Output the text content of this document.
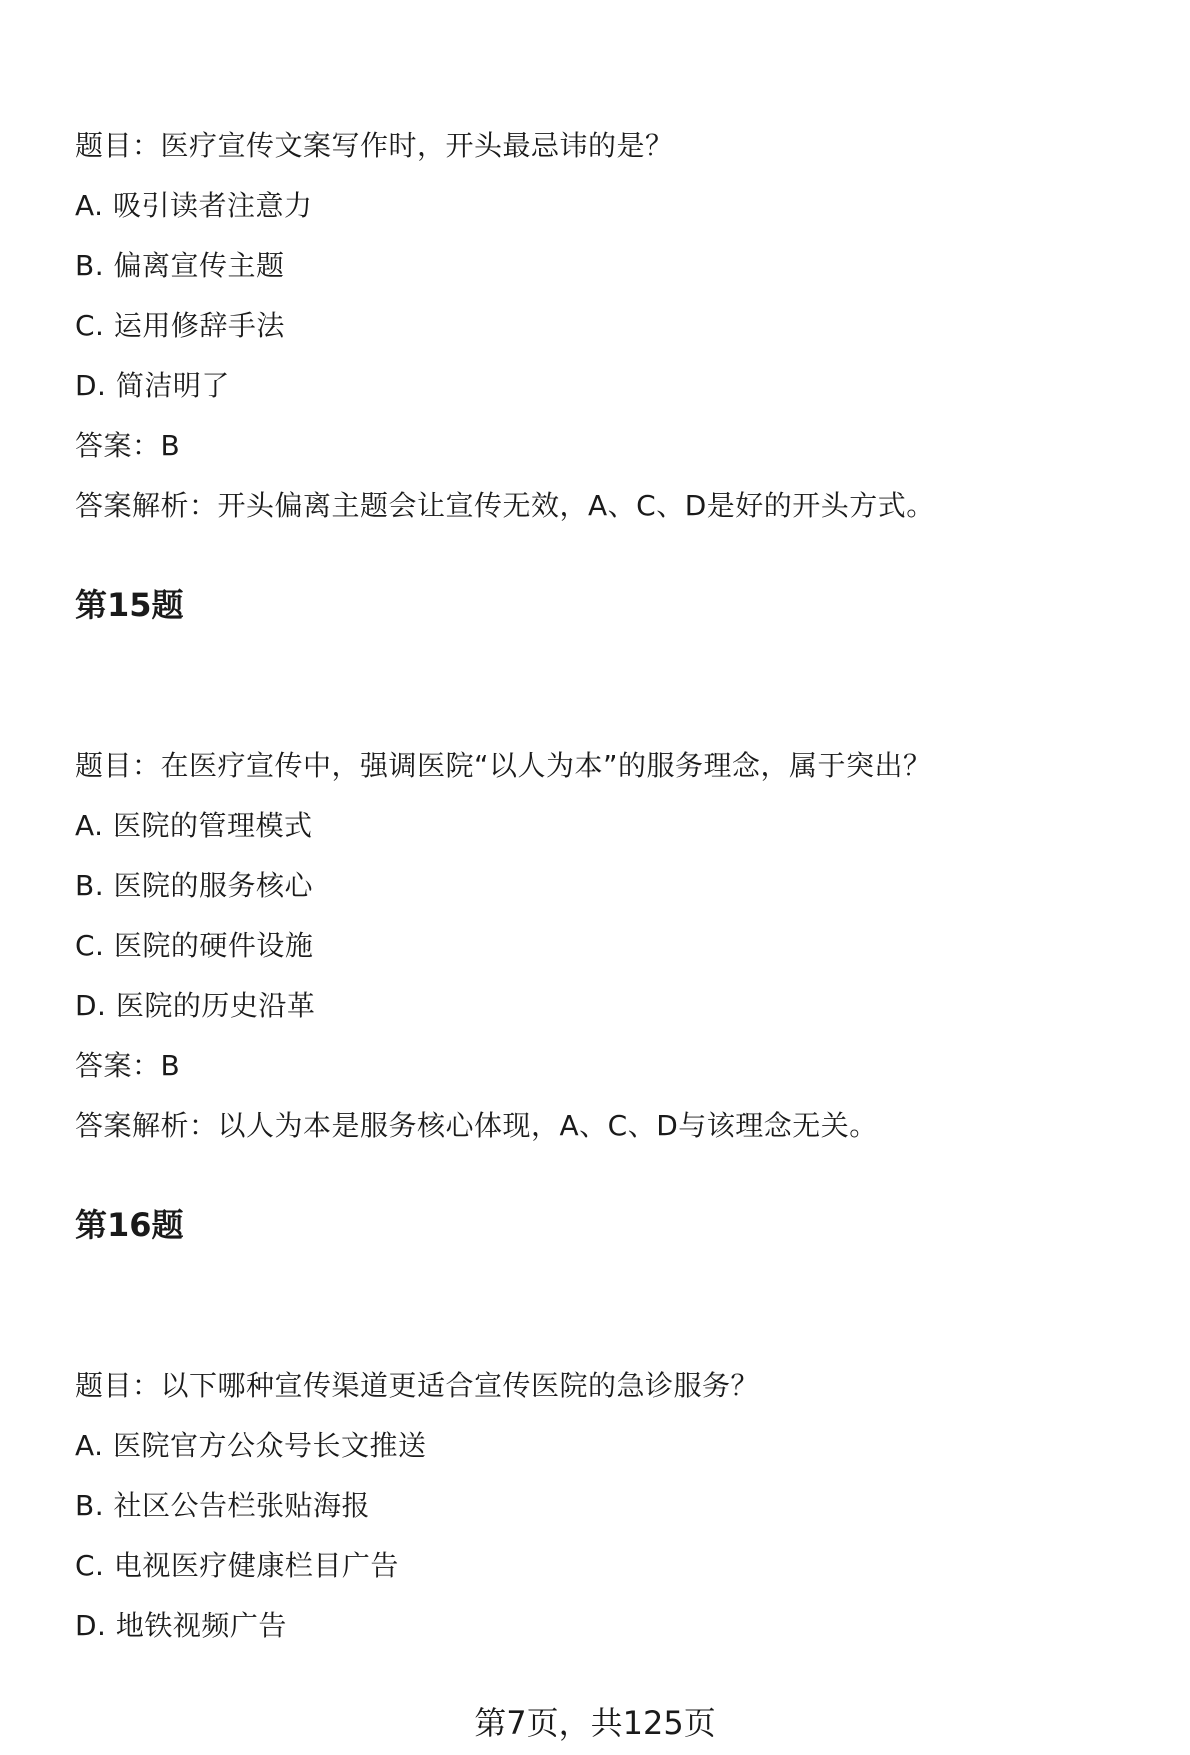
题目：医疗宣传文案写作时，开头最忌讳的是？
A. 吸引读者注意力
B. 偏离宣传主题
C. 运用修辞手法
D. 简洁明了
答案：B
答案解析：开头偏离主题会让宣传无效，A、C、D是好的开头方式。
第15题
题目：在医疗宣传中，强调医院“以人为本”的服务理念，属于突出？
A. 医院的管理模式
B. 医院的服务核心
C. 医院的硬件设施
D. 医院的历史沿革
答案：B
答案解析：以人为本是服务核心体现，A、C、D与该理念无关。
第16题
题目：以下哪种宣传渠道更适合宣传医院的急诊服务？
A. 医院官方公众号长文推送
B. 社区公告栏张贴海报
C. 电视医疗健康栏目广告
D. 地铁视频广告
第7页，共125页
